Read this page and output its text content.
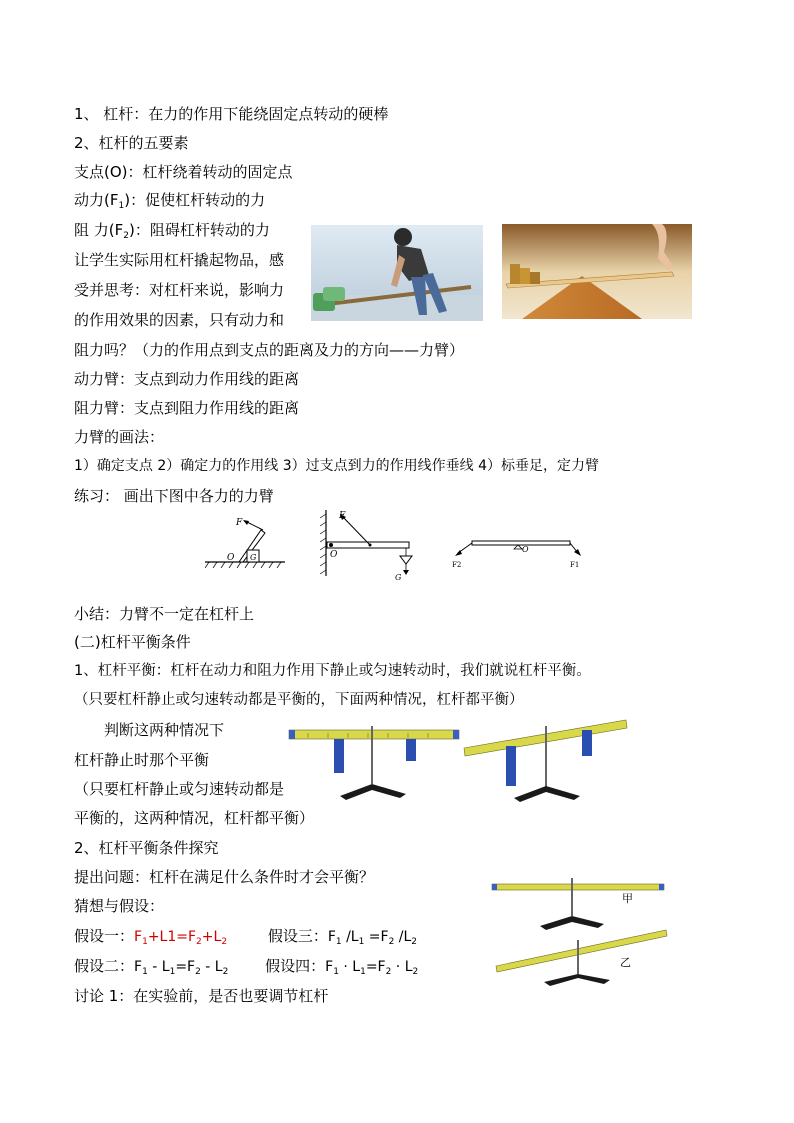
1、 杠杆：在力的作用下能绕固定点转动的硬棒
2、杠杆的五要素
支点(O)：杠杆绕着转动的固定点
动力$(F_1)$：促使杠杆转动的力
阻 力$(F_2)$：阻碍杠杆转动的力
让学生实际用杠杆撬起物品，感
受并思考：对杠杆来说，影响力
的作用效果的因素，只有动力和
阻力吗？（力的作用点到支点的距离及力的方向——力臂）
动力臂：支点到动力作用线的距离
阻力臂：支点到阻力作用线的距离
力臂的画法：
1）确定支点 2）确定力的作用线 3）过支点到力的作用线作垂线 4）标垂足，定力臂
练习： 画出下图中各力的力臂
小结：力臂不一定在杠杆上
(二)杠杆平衡条件
1、杠杆平衡：杠杆在动力和阻力作用下静止或匀速转动时，我们就说杠杆平衡。
（只要杠杆静止或匀速转动都是平衡的，下面两种情况，杠杆都平衡）
判断这两种情况下
杠杆静止时那个平衡
（只要杠杆静止或匀速转动都是
平衡的，这两种情况，杠杆都平衡）
2、杠杆平衡条件探究
提出问题：杠杆在满足什么条件时才会平衡？
猜想与假设：
假设一：$F_1+L1=F_2+L_2$	假设三：$F_1$ $/L_1 =F_2$ $/L_2$
假设二：$F_1 - L_1=F_2 - L_2$ 假设四：$F_1 \cdot L_1=F_2 \cdot L_2$
讨论 1：在实验前，是否也要调节杠杆
F
O G
F
O
G
O
F2	F1
甲
乙
